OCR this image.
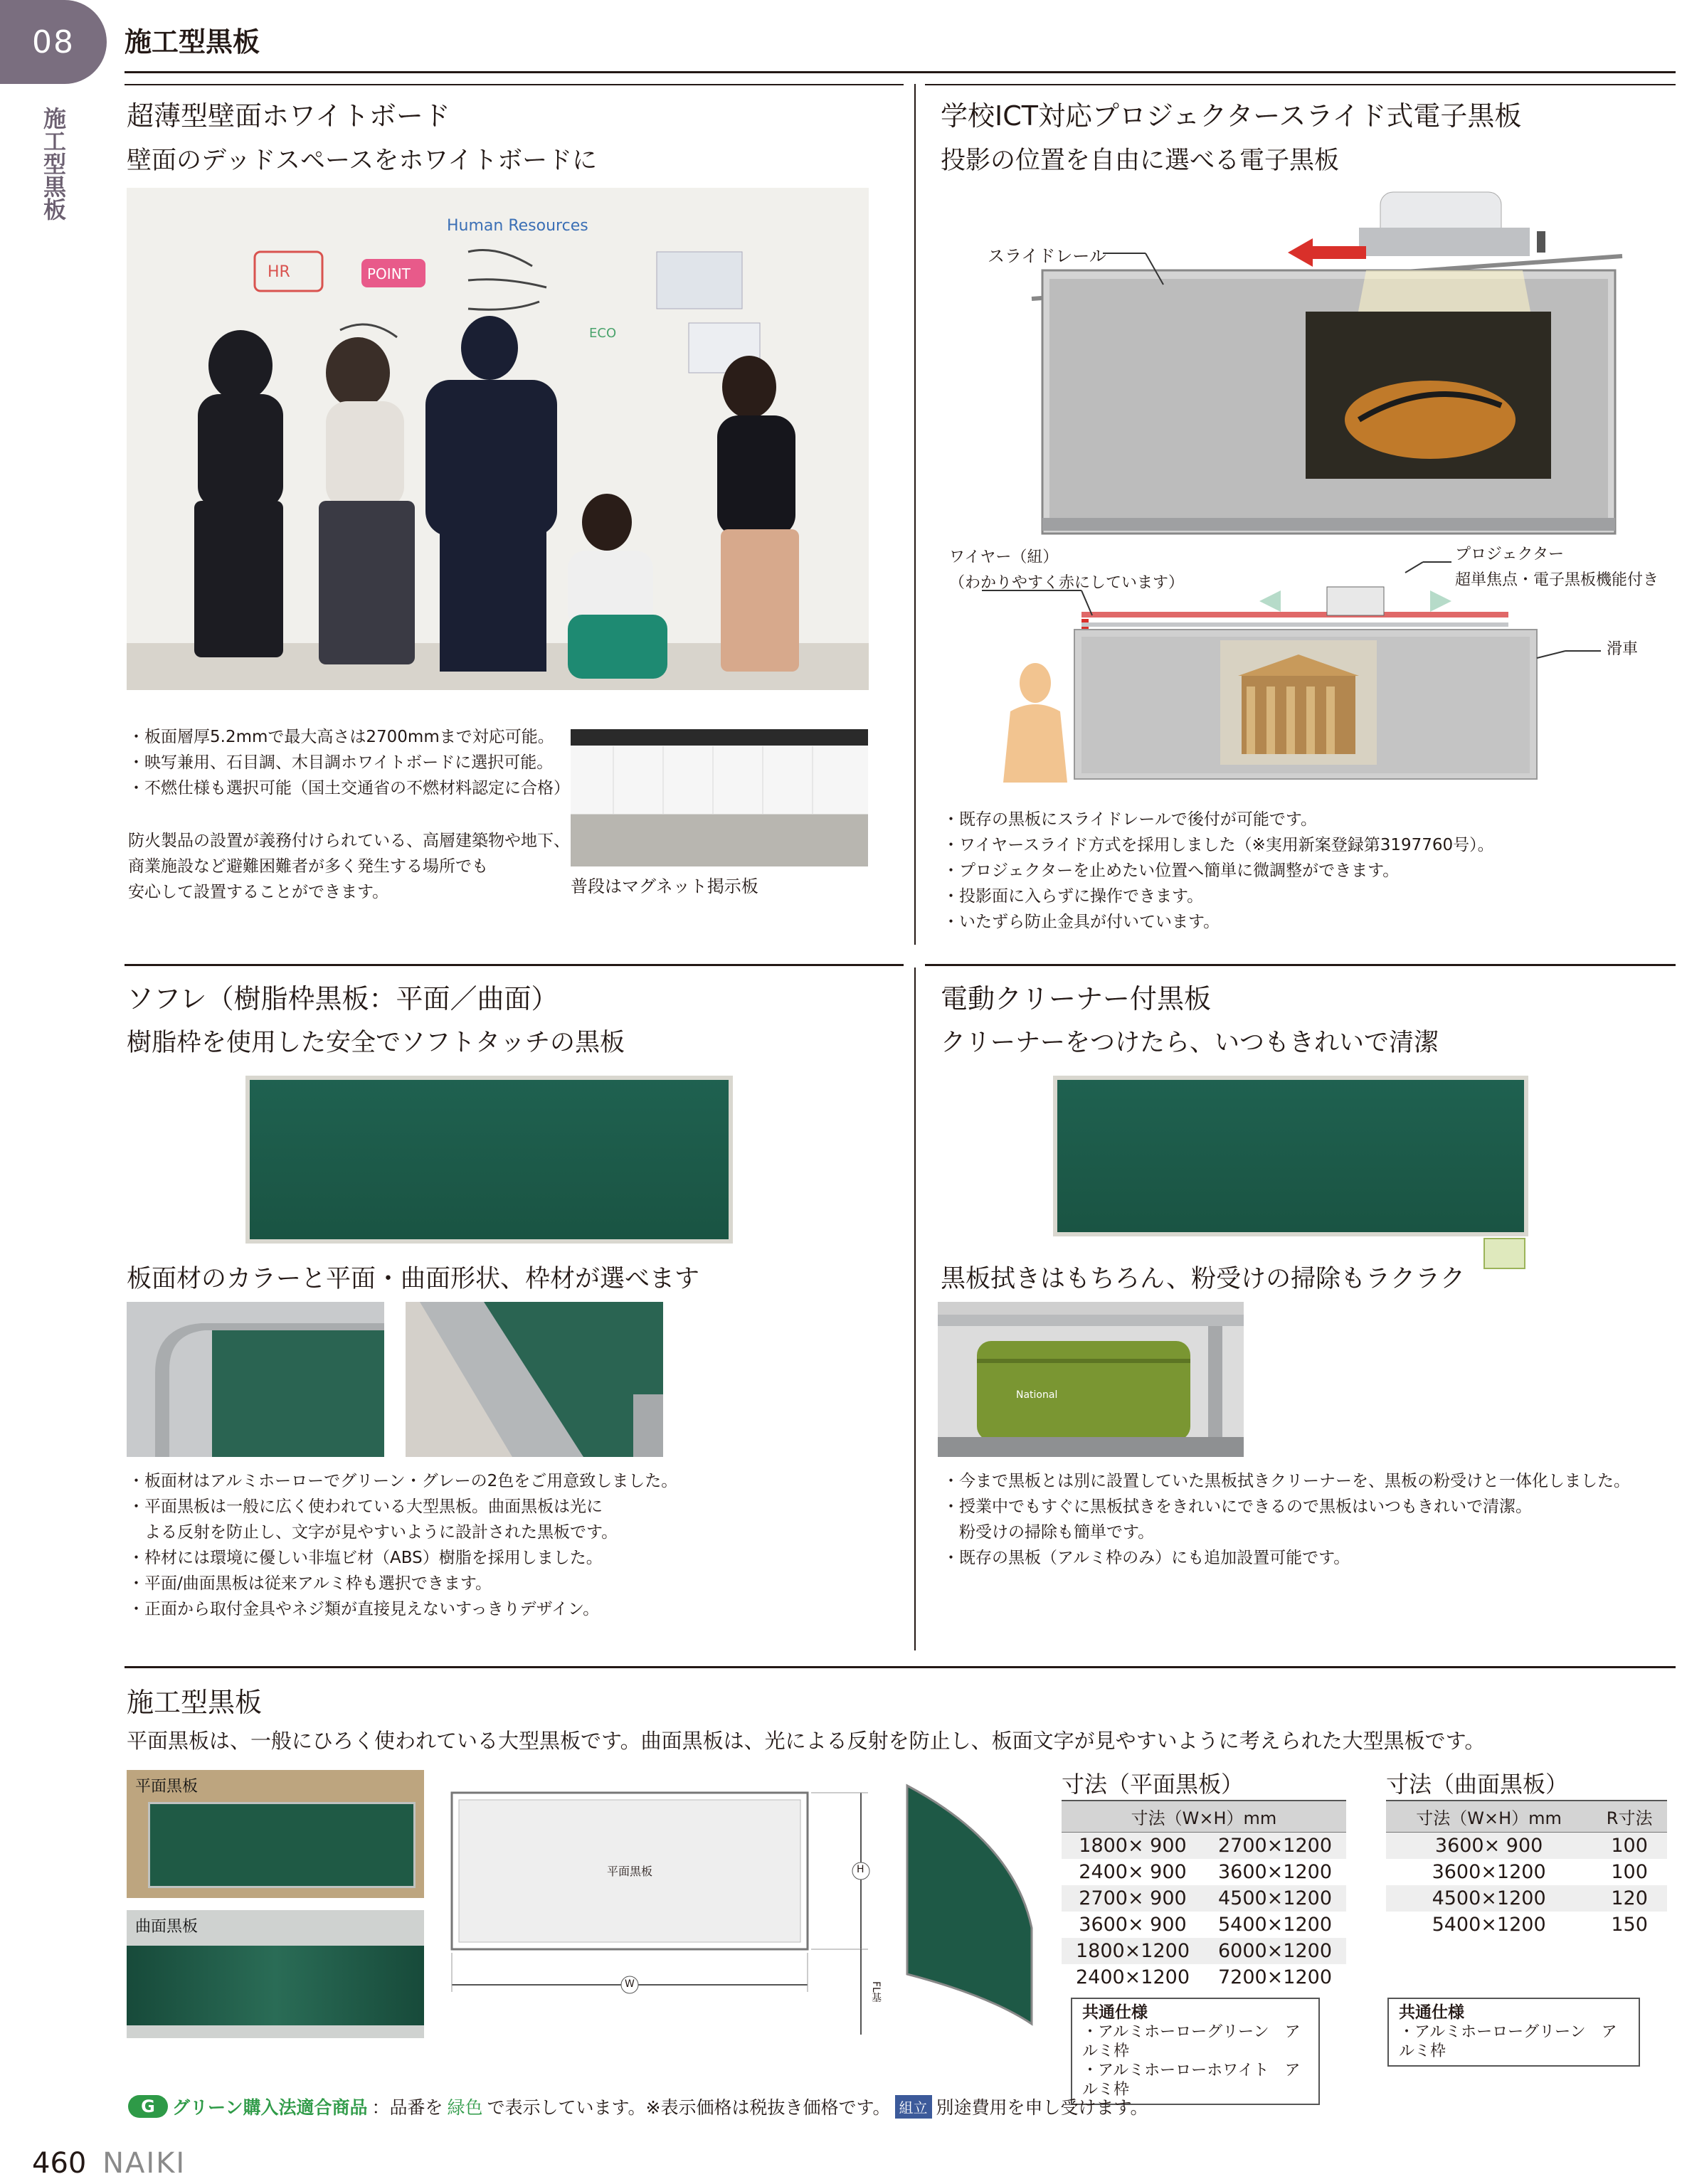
08
施工型黒板
施工型黒板
超薄型壁面ホワイトボード
壁面のデッドスペースをホワイトボードに
Human Resources
HR	POINT
ECO
・板面層厚5.2mmで最大高さは2700mmまで対応可能。
・映写兼用、石目調、木目調ホワイトボードに選択可能。
・不燃仕様も選択可能（国土交通省の不燃材料認定に合格）
防火製品の設置が義務付けられている、高層建築物や地下、
商業施設など避難困難者が多く発生する場所でも
安心して設置することができます。	普段はマグネット掲示板
学校ICT対応プロジェクタースライド式電子黒板
投影の位置を自由に選べる電子黒板
スライドレール
ワイヤー（紐）
（わかりやすく赤にしています）
プロジェクター
超単焦点・電子黒板機能付き
滑車
・既存の黒板にスライドレールで後付が可能です。
・ワイヤースライド方式を採用しました（※実用新案登録第3197760号）。
・プロジェクターを止めたい位置へ簡単に微調整ができます。
・投影面に入らずに操作できます。
・いたずら防止金具が付いています。
ソフレ（樹脂枠黒板：平面／曲面）
樹脂枠を使用した安全でソフトタッチの黒板
板面材のカラーと平面・曲面形状、枠材が選べます
・板面材はアルミホーローでグリーン・グレーの2色をご用意致しました。
・平面黒板は一般に広く使われている大型黒板。曲面黒板は光に
　よる反射を防止し、文字が見やすいように設計された黒板です。
・枠材には環境に優しい非塩ビ材（ABS）樹脂を採用しました。
・平面/曲面黒板は従来アルミ枠も選択できます。
・正面から取付金具やネジ類が直接見えないすっきりデザイン。
電動クリーナー付黒板
クリーナーをつけたら、いつもきれいで清潔
黒板拭きはもちろん、粉受けの掃除もラクラク
National
・今まで黒板とは別に設置していた黒板拭きクリーナーを、黒板の粉受けと一体化しました。
・授業中でもすぐに黒板拭きをきれいにできるので黒板はいつもきれいで清潔。
　粉受けの掃除も簡単です。
・既存の黒板（アルミ枠のみ）にも追加設置可能です。
施工型黒板
平面黒板は、一般にひろく使われている大型黒板です。曲面黒板は、光による反射を防止し、板面文字が見やすいように考えられた大型黒板です。
平面黒板
曲面黒板
平面黒板	H
W	FL基
寸法（平面黒板）
寸法（W×H）mm	
1800× 900	2700×1200
2400× 900	3600×1200
2700× 900	4500×1200
3600× 900	5400×1200
1800×1200	6000×1200
2400×1200	7200×1200
寸法（曲面黒板）
寸法（W×H）mm	R寸法
3600× 900	100
3600×1200	100
4500×1200	120
5400×1200	150
共通仕様
・アルミホーローグリーン　アルミ枠
・アルミホーローホワイト　アルミ枠
共通仕様
・アルミホーローグリーン　アルミ枠
G グリーン購入法適合商品 ：品番を 緑色 で表示しています。※表示価格は税抜き価格です。 組立 別途費用を申し受けます。
460 NAIKI
